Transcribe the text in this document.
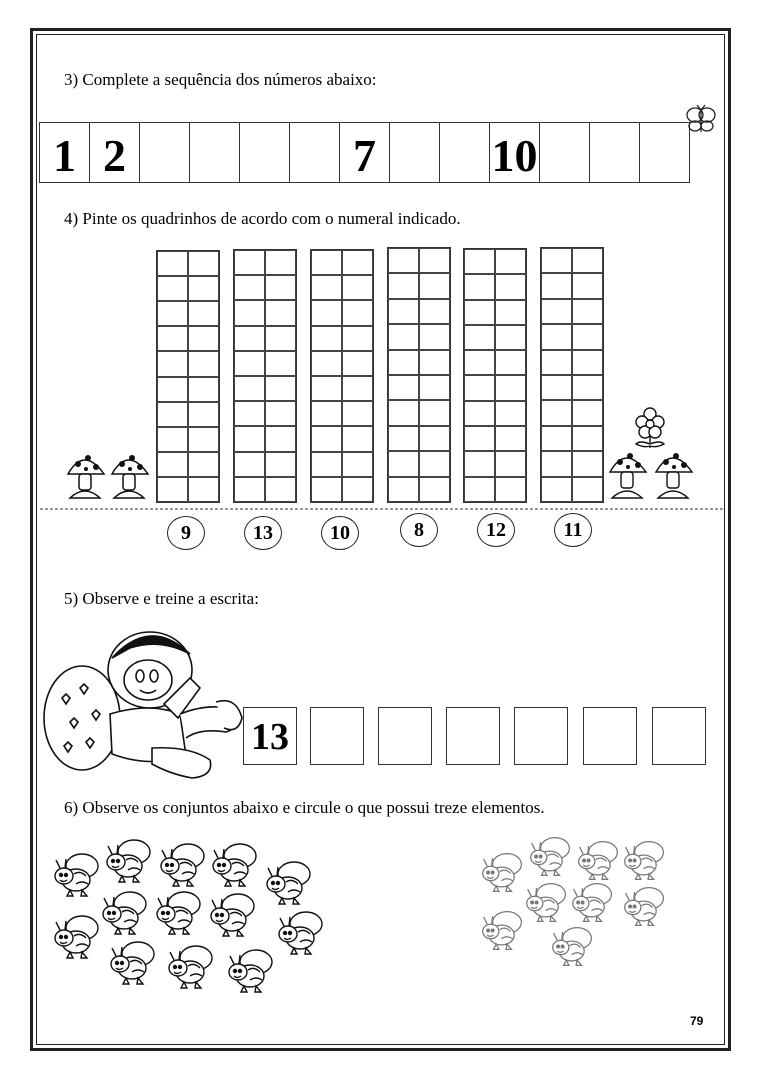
3) Complete a sequência dos números abaixo:
1 2	7	10
4) Pinte os quadrinhos de acordo com o numeral indicado.
9	13	10	8	12	11
5) Observe e treine a escrita:
13
6) Observe os conjuntos abaixo e circule o que possui treze elementos.
79
